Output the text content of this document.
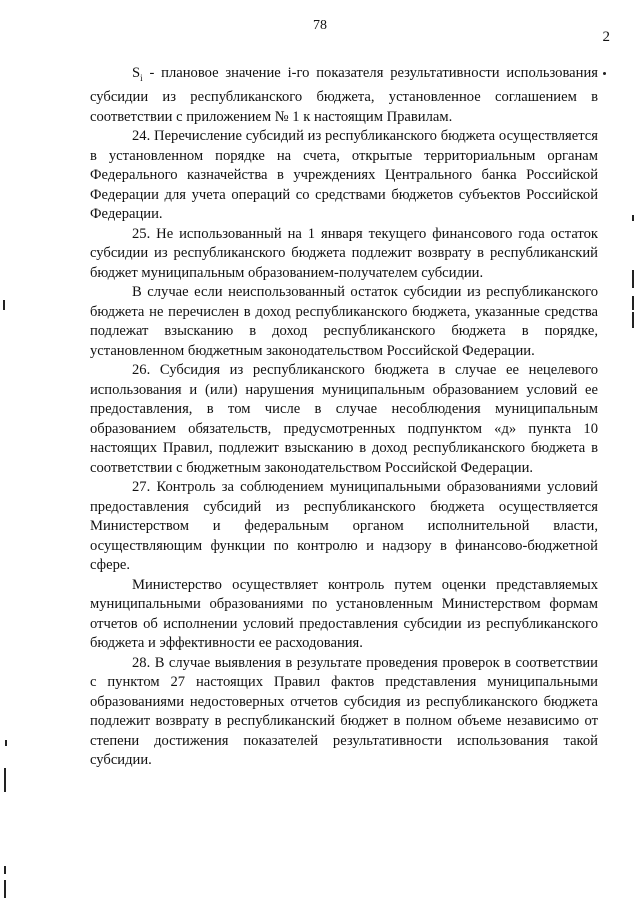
78
2

$S_i$ - плановое значение i-го показателя результативности использования субсидии из республиканского бюджета, установленное соглашением в соответствии с приложением № 1 к настоящим Правилам.

24. Перечисление субсидий из республиканского бюджета осуществляется в установленном порядке на счета, открытые территориальным органам Федерального казначейства в учреждениях Центрального банка Российской Федерации для учета операций со средствами бюджетов субъектов Российской Федерации.

25. Не использованный на 1 января текущего финансового года остаток субсидии из республиканского бюджета подлежит возврату в республиканский бюджет муниципальным образованием-получателем субсидии.

В случае если неиспользованный остаток субсидии из республиканского бюджета не перечислен в доход республиканского бюджета, указанные средства подлежат взысканию в доход республиканского бюджета в порядке, установленном бюджетным законодательством Российской Федерации.

26. Субсидия из республиканского бюджета в случае ее нецелевого использования и (или) нарушения муниципальным образованием условий ее предоставления, в том числе в случае несоблюдения муниципальным образованием обязательств, предусмотренных подпунктом «д» пункта 10 настоящих Правил, подлежит взысканию в доход республиканского бюджета в соответствии с бюджетным законодательством Российской Федерации.

27. Контроль за соблюдением муниципальными образованиями условий предоставления субсидий из республиканского бюджета осуществляется Министерством и федеральным органом исполнительной власти, осуществляющим функции по контролю и надзору в финансово-бюджетной сфере.

Министерство осуществляет контроль путем оценки представляемых муниципальными образованиями по установленным Министерством формам отчетов об исполнении условий предоставления субсидии из республиканского бюджета и эффективности ее расходования.

28. В случае выявления в результате проведения проверок в соответствии с пунктом 27 настоящих Правил фактов представления муниципальными образованиями недостоверных отчетов субсидия из республиканского бюджета подлежит возврату в республиканский бюджет в полном объеме независимо от степени достижения показателей результативности использования такой субсидии.
